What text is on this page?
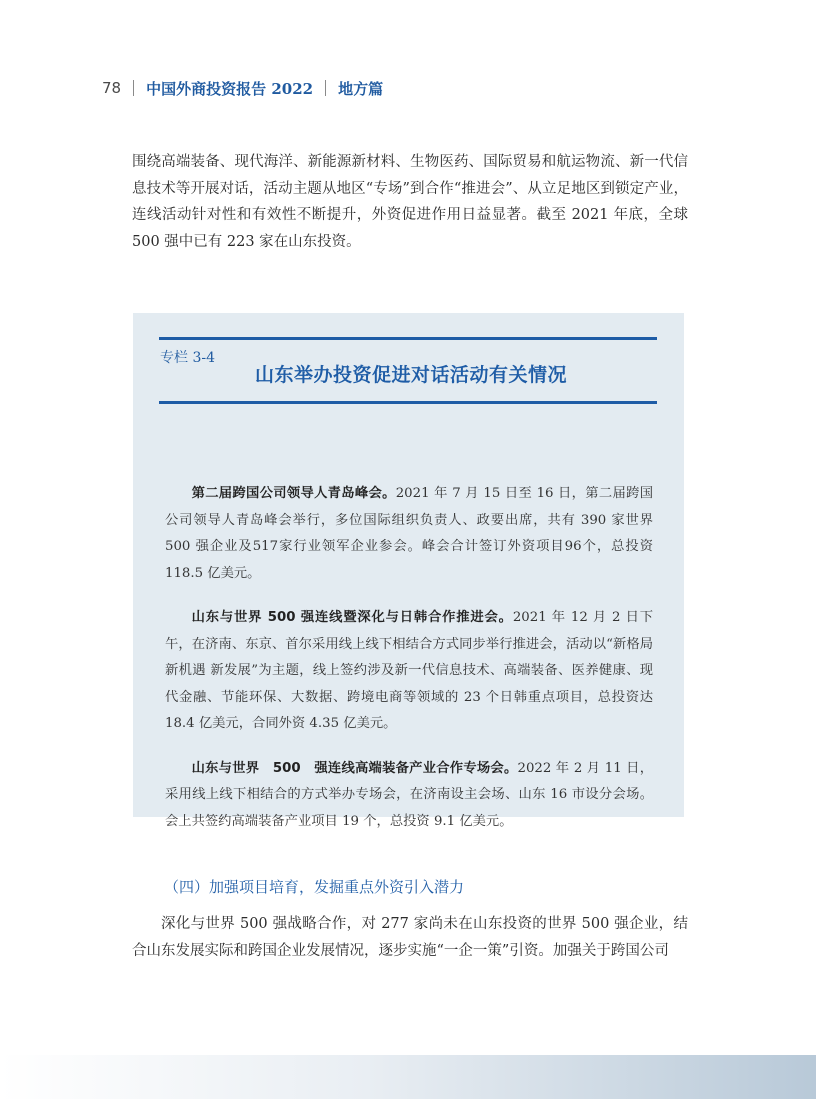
78 中国外商投资报告 2022 地方篇

围绕高端装备、现代海洋、新能源新材料、生物医药、国际贸易和航运物流、新一代信息技术等开展对话，活动主题从地区“专场”到合作“推进会”、从立足地区到锁定产业，连线活动针对性和有效性不断提升，外资促进作用日益显著。截至 2021 年底，全球 500 强中已有 223 家在山东投资。

专栏 3-4
山东举办投资促进对话活动有关情况

第二届跨国公司领导人青岛峰会。2021 年 7 月 15 日至 16 日，第二届跨国公司领导人青岛峰会举行，多位国际组织负责人、政要出席，共有 390 家世界 500 强企业及517家行业领军企业参会。峰会合计签订外资项目96个，总投资 118.5 亿美元。

山东与世界 500 强连线暨深化与日韩合作推进会。2021 年 12 月 2 日下午，在济南、东京、首尔采用线上线下相结合方式同步举行推进会，活动以“新格局 新机遇 新发展”为主题，线上签约涉及新一代信息技术、高端装备、医养健康、现代金融、节能环保、大数据、跨境电商等领域的 23 个日韩重点项目，总投资达 18.4 亿美元，合同外资 4.35 亿美元。

山东与世界　500　强连线高端装备产业合作专场会。2022 年 2 月 11 日，采用线上线下相结合的方式举办专场会，在济南设主会场、山东 16 市设分会场。会上共签约高端装备产业项目 19 个，总投资 9.1 亿美元。

（四）加强项目培育，发掘重点外资引入潜力

深化与世界 500 强战略合作，对 277 家尚未在山东投资的世界 500 强企业，结合山东发展实际和跨国企业发展情况，逐步实施“一企一策”引资。加强关于跨国公司
